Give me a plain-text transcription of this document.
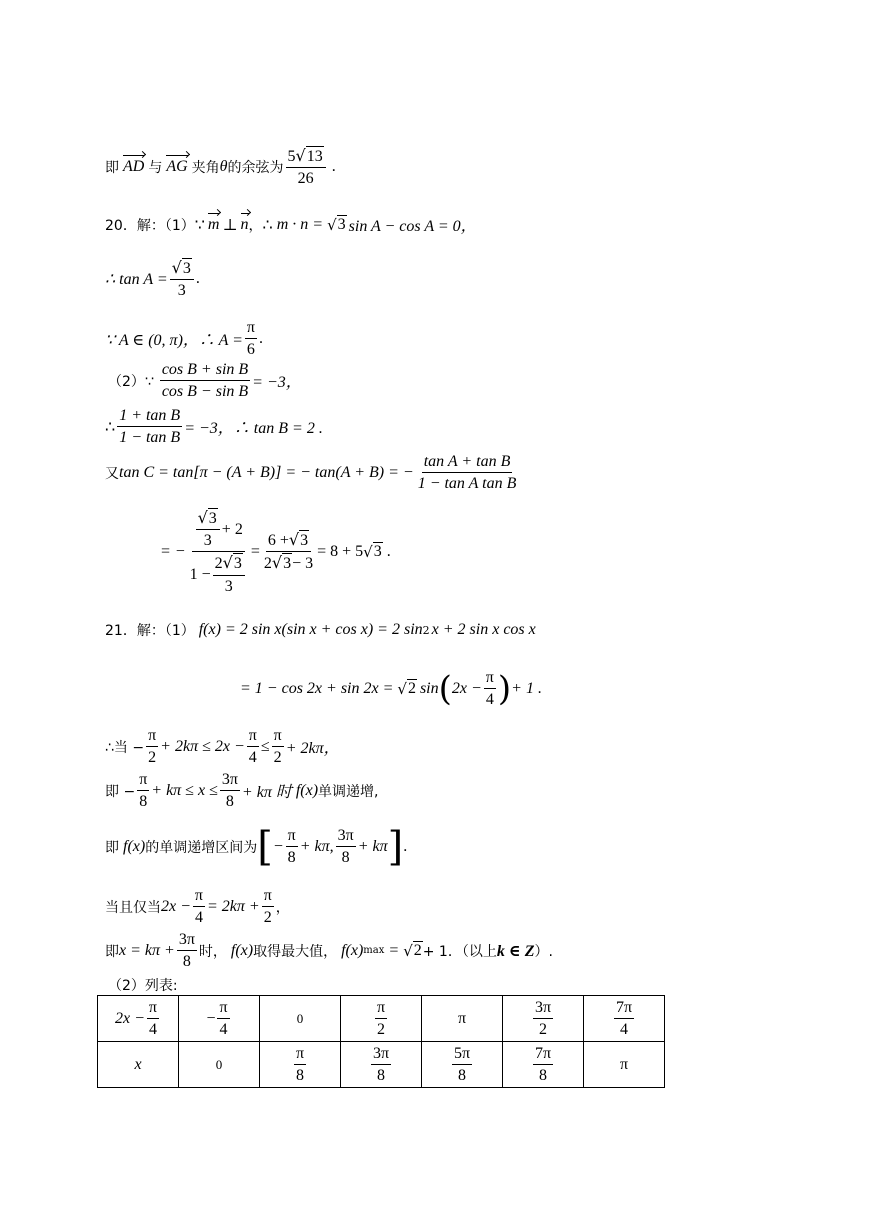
即 AD 与 AG 夹角 θ 的余弦为 $\frac{5√13}{26}$ .
20．解：（1） ∵ m ⊥ n ， ∴ m · n = √ 3 sin A − cos A = 0，
∴ $\tan A = \frac{√3}{3}$ .
∵ A ∈ (0, π)，∴ $A = \frac{\pi}{6}$ .
（2）∵ $\frac{\text{cos B + sin B}}{\text{cos B − sin B}} = -3$，
∴ $\frac{\text{1 + tan B}}{\text{1 − tan B}} = -3$，∴ tan B = 2 .
又 tan C = tan[π − (A + B)] = − tan(A + B) = − $\frac{\text{tan A + tan B}}{\text{1 − tan A tan B}}$
= − $\frac{\frac{√3}{3} + 2}{1 - \frac{2√3}{3}} = \frac{6 +√3}{2√3- 3} = 8 + 5$ √ 3 .
21．解：（1） f(x) = 2 sin x(sin x + cos x) = 2 sin 2 x + 2 sin x cos x
= 1 − cos 2x + sin 2x = √ 2 sin ( $2x - \frac{\pi}{4}$ ) + 1 .
∴当 − $\frac{\pi}{2} + 2k\pi \le 2x - \frac{\pi}{4} \le \frac{\pi}{2} + 2k\pi$，
即 − $\frac{\pi}{8} + k\pi \le x \le \frac{3\pi}{8} + k\pi$ 时 f(x) 单调递增,
即 f(x) 的单调递增区间为 [ − $\frac{\pi}{8} + k\pi$, $\frac{3\pi}{8} + k\pi$ ] .
当且仅当 $2x - \frac{\pi}{4} = 2k\pi + \frac{\pi}{2}$ ，
即 $x = k\pi + \frac{3\pi}{8}$ 时， f(x) 取得最大值， f(x) max = √ 2 + 1．（以上 k ∈ Z ）.
（2）列表:
$2x - \frac{\pi}{4}$	− $\frac{\pi}{4}$	0	$\frac{\pi}{2}$	π	$\frac{3\pi}{2}$	$\frac{7\pi}{4}$

x	0	$\frac{\pi}{8}$	$\frac{3\pi}{8}$	$\frac{5\pi}{8}$	$\frac{7\pi}{8}$	π
